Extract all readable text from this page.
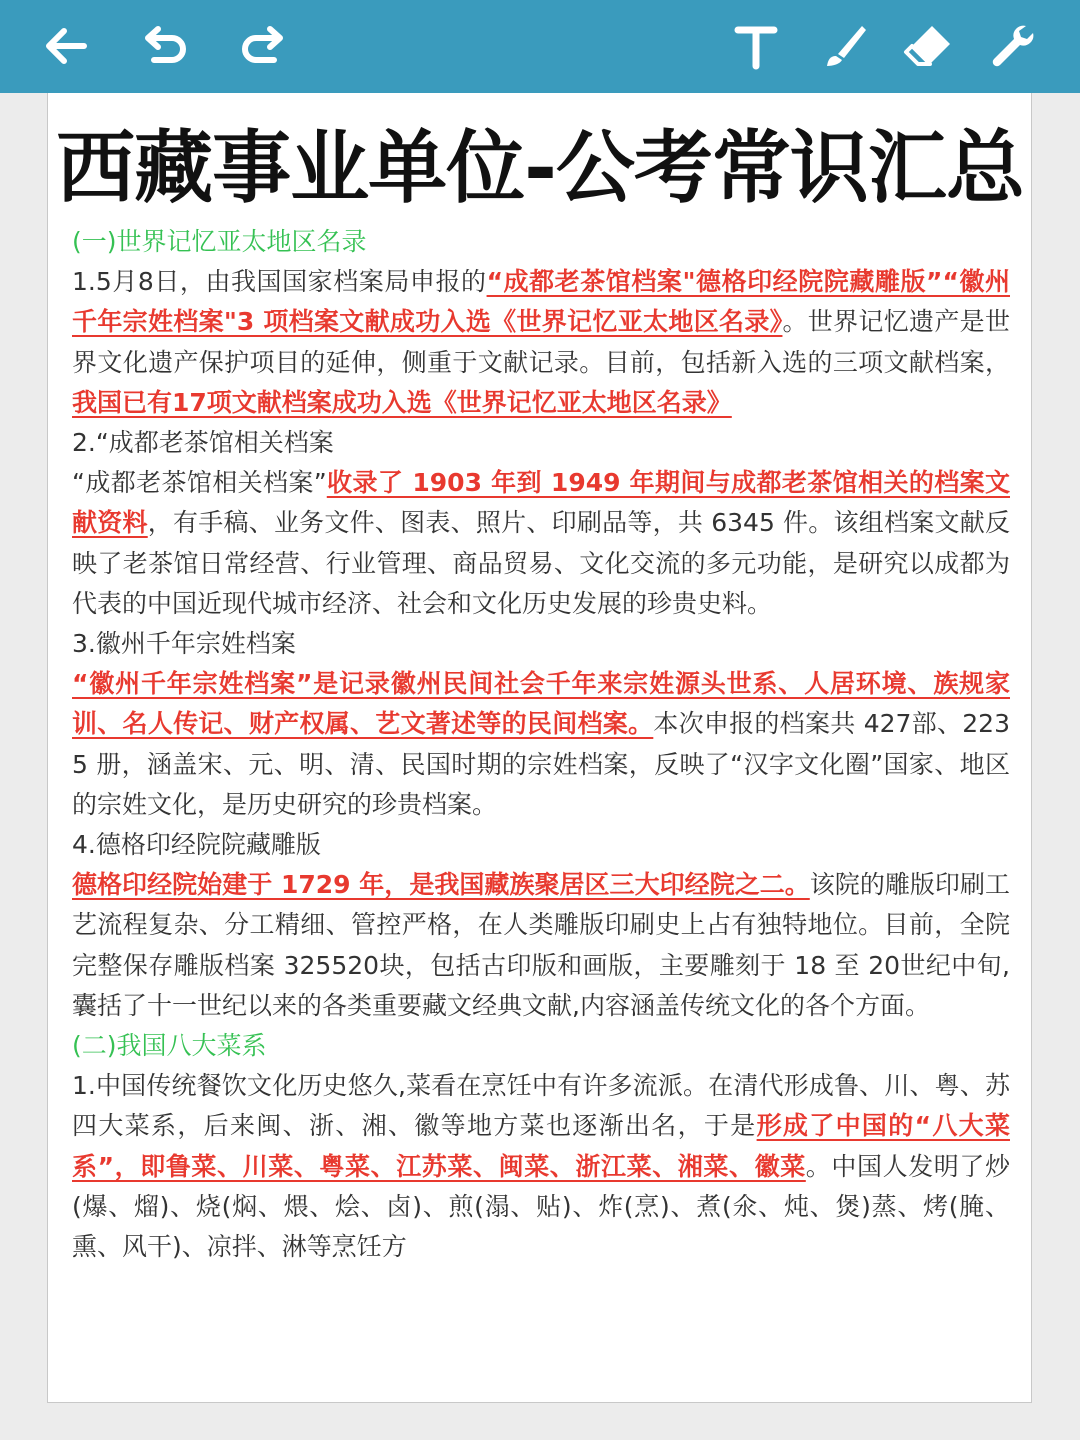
西藏事业单位-公考常识汇总

(一)世界记忆亚太地区名录

1.5月8日，由我国国家档案局申报的“成都老茶馆档案"德格印经院院藏雕版”“徽州千年宗姓档案"3 项档案文献成功入选《世界记忆亚太地区名录》。世界记忆遗产是世界文化遗产保护项目的延伸，侧重于文献记录。目前，包括新入选的三项文献档案，我国已有17项文献档案成功入选《世界记忆亚太地区名录》

2.“成都老茶馆相关档案

“成都老茶馆相关档案”收录了 1903 年到 1949 年期间与成都老茶馆相关的档案文献资料，有手稿、业务文件、图表、照片、印刷品等，共 6345 件。该组档案文献反映了老茶馆日常经营、行业管理、商品贸易、文化交流的多元功能，是研究以成都为代表的中国近现代城市经济、社会和文化历史发展的珍贵史料。

3.徽州千年宗姓档案

“徽州千年宗姓档案”是记录徽州民间社会千年来宗姓源头世系、人居环境、族规家训、名人传记、财产权属、艺文著述等的民间档案。本次申报的档案共 427部、2235 册，涵盖宋、元、明、清、民国时期的宗姓档案，反映了“汉字文化圈”国家、地区的宗姓文化，是历史研究的珍贵档案。

4.德格印经院院藏雕版

德格印经院始建于 1729 年，是我国藏族聚居区三大印经院之二。该院的雕版印刷工艺流程复杂、分工精细、管控严格，在人类雕版印刷史上占有独特地位。目前，全院完整保存雕版档案 325520块，包括古印版和画版，主要雕刻于 18 至 20世纪中旬,囊括了十一世纪以来的各类重要藏文经典文献,内容涵盖传统文化的各个方面。

(二)我国八大菜系

1.中国传统餐饮文化历史悠久,菜看在烹饪中有许多流派。在清代形成鲁、川、粤、苏四大菜系，后来闽、浙、湘、徽等地方菜也逐渐出名，于是形成了中国的“八大菜系”，即鲁菜、川菜、粤菜、江苏菜、闽菜、浙江菜、湘菜、徽菜。中国人发明了炒(爆、熘)、烧(焖、煨、烩、卤)、煎(溻、贴)、炸(烹)、煮(氽、炖、煲)蒸、烤(腌、熏、风干)、凉拌、淋等烹饪方
